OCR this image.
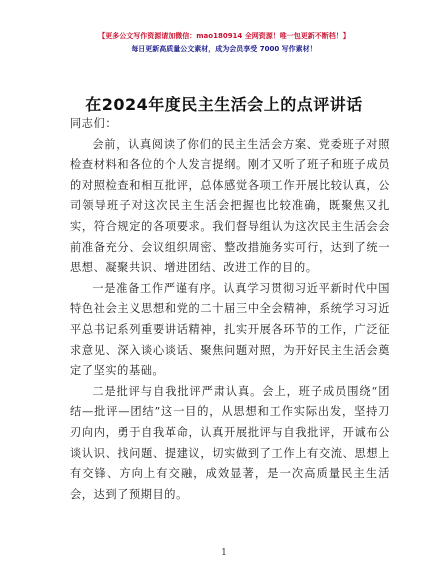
【更多公文写作资源请加微信：mao180914 全网资源！唯一包更新不断档！】
每日更新高质量公文素材，成为会员享受 7000 写作素材！
在2024年度民主生活会上的点评讲话

同志们：

会前，认真阅读了你们的民主生活会方案、党委班子对照检查材料和各位的个人发言提纲。刚才又听了班子和班子成员的对照检查和相互批评，总体感觉各项工作开展比较认真，公司领导班子对这次民主生活会把握也比较准确，既聚焦又扎实，符合规定的各项要求。我们督导组认为这次民主生活会会前准备充分、会议组织周密、整改措施务实可行，达到了统一思想、凝聚共识、增进团结、改进工作的目的。

一是准备工作严谨有序。认真学习贯彻习近平新时代中国特色社会主义思想和党的二十届三中全会精神，系统学习习近平总书记系列重要讲话精神，扎实开展各环节的工作，广泛征求意见、深入谈心谈话、聚焦问题对照，为开好民主生活会奠定了坚实的基础。

二是批评与自我批评严肃认真。会上，班子成员围绕“团结—批评—团结”这一目的，从思想和工作实际出发，坚持刀刃向内，勇于自我革命，认真开展批评与自我批评，开诚布公谈认识、找问题、提建议，切实做到了工作上有交流、思想上有交锋、方向上有交融，成效显著，是一次高质量民主生活会，达到了预期目的。

1
